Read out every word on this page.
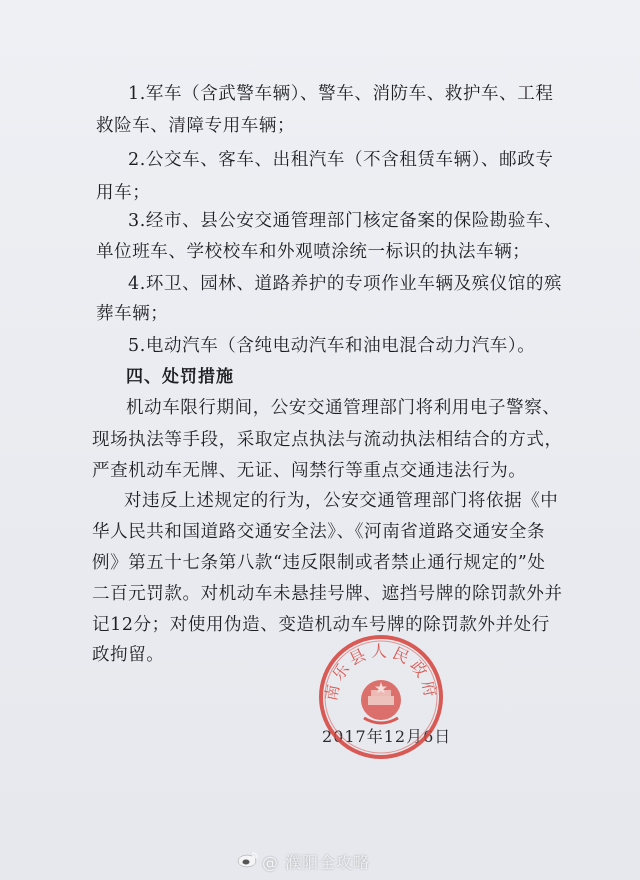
1.军车（含武警车辆）、警车、消防车、救护车、工程
救险车、清障专用车辆；
2.公交车、客车、出租汽车（不含租赁车辆）、邮政专
用车；
3.经市、县公安交通管理部门核定备案的保险勘验车、
单位班车、学校校车和外观喷涂统一标识的执法车辆；
4.环卫、园林、道路养护的专项作业车辆及殡仪馆的殡
葬车辆；
5.电动汽车（含纯电动汽车和油电混合动力汽车）。
四、处罚措施
机动车限行期间，公安交通管理部门将利用电子警察、
现场执法等手段，采取定点执法与流动执法相结合的方式，
严查机动车无牌、无证、闯禁行等重点交通违法行为。
对违反上述规定的行为，公安交通管理部门将依据《中
华人民共和国道路交通安全法》、《河南省道路交通安全条
例》第五十七条第八款“违反限制或者禁止通行规定的”处
二百元罚款。对机动车未悬挂号牌、遮挡号牌的除罚款外并
记12分；对使用伪造、变造机动车号牌的除罚款外并处行
政拘留。
2017年12月6日
南乐县人民政府
@ 濮阳全攻略
